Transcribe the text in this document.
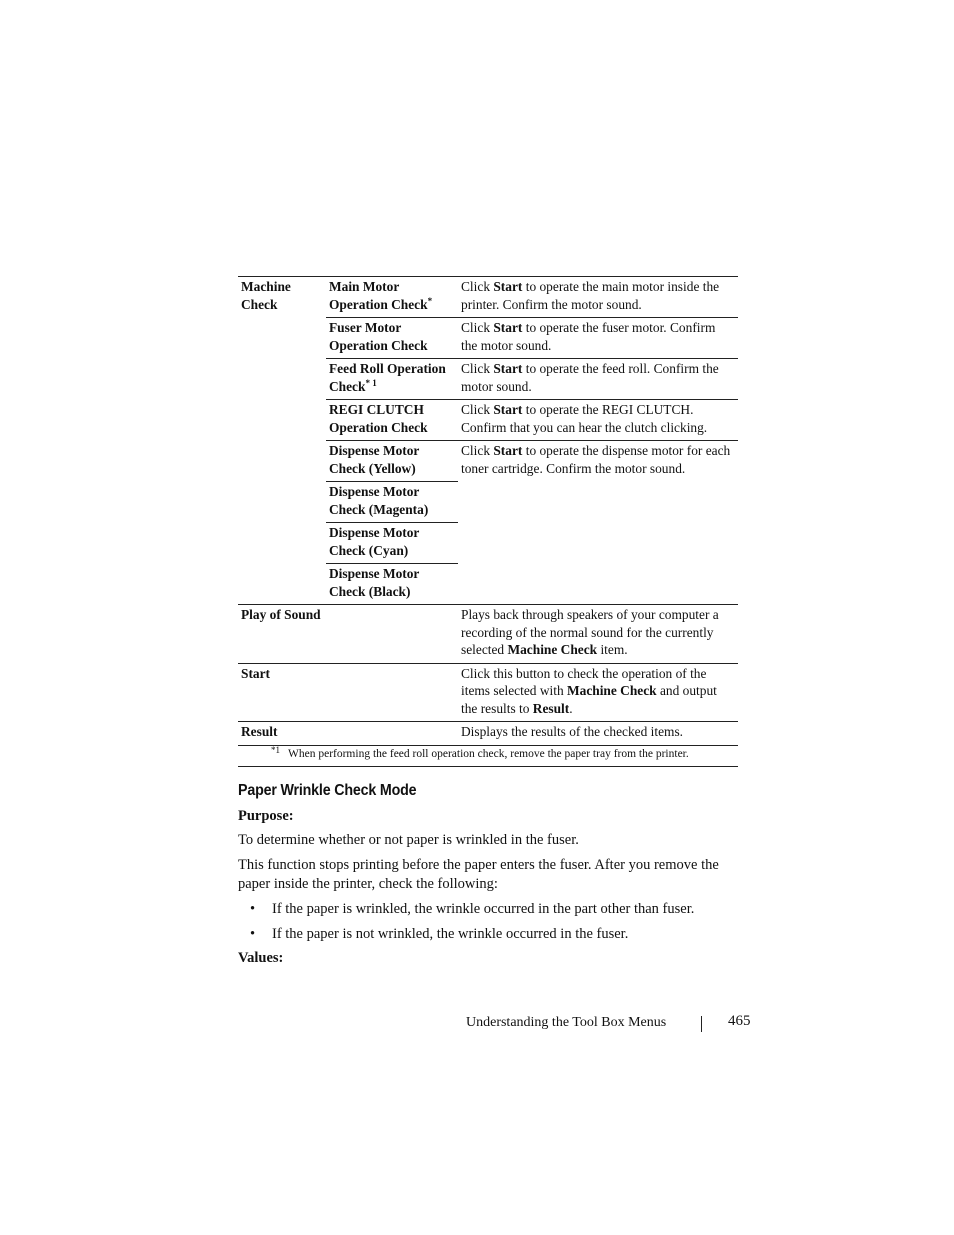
Machine Check	Main Motor Operation Check*	Click Start to operate the main motor inside the printer. Confirm the motor sound.
	Fuser Motor Operation Check	Click Start to operate the fuser motor. Confirm the motor sound.
	Feed Roll Operation Check$^{* 1}$	Click Start to operate the feed roll. Confirm the motor sound.
	REGI CLUTCH Operation Check	Click Start to operate the REGI CLUTCH. Confirm that you can hear the clutch clicking.
	Dispense Motor Check (Yellow)	Click Start to operate the dispense motor for each toner cartridge. Confirm the motor sound.
	Dispense Motor Check (Magenta)	
	Dispense Motor Check (Cyan)	
	Dispense Motor Check (Black)	
Play of Sound		Plays back through speakers of your computer a recording of the normal sound for the currently selected Machine Check item.
Start		Click this button to check the operation of the items selected with Machine Check and output the results to Result.
Result		Displays the results of the checked items.

*1 When performing the feed roll operation check, remove the paper tray from the printer.		
Paper Wrinkle Check Mode
Purpose:

To determine whether or not paper is wrinkled in the fuser.

This function stops printing before the paper enters the fuser. After you remove the paper inside the printer, check the following:

• If the paper is wrinkled, the wrinkle occurred in the part other than fuser.
• If the paper is not wrinkled, the wrinkle occurred in the fuser.
Values:
Understanding the Tool Box Menus	465
